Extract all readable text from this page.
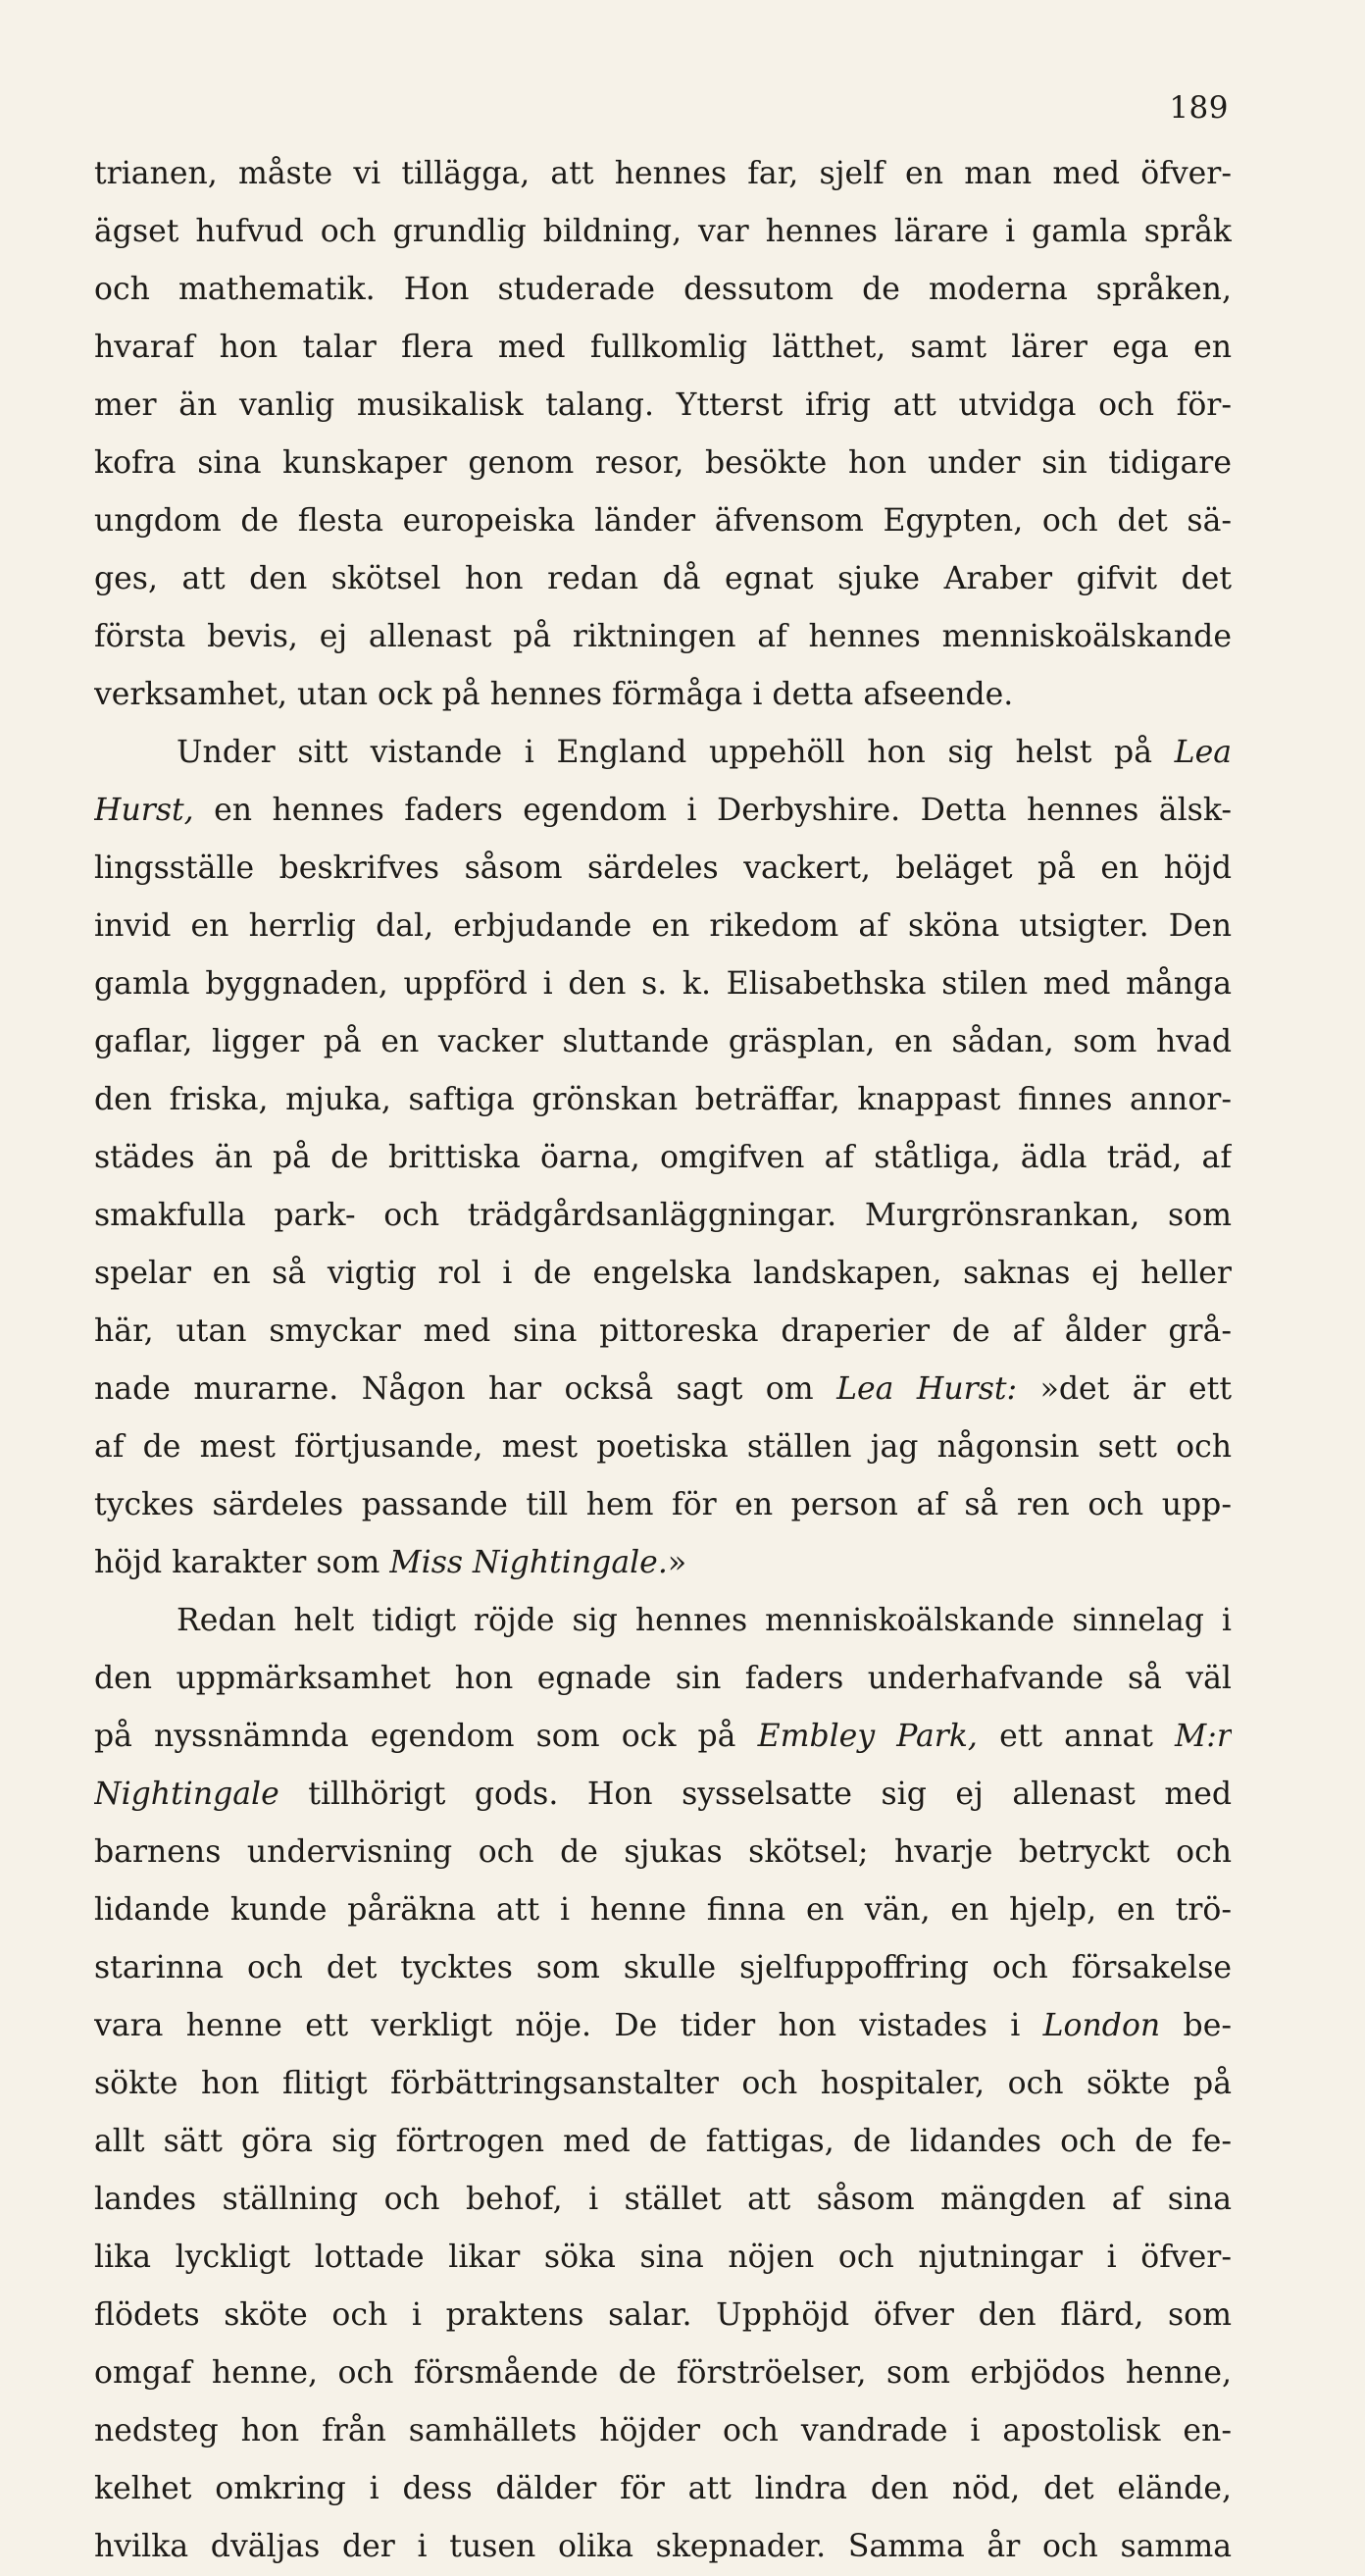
189
trianen, måste vi tillägga, att hennes far, sjelf en man med öfver-
ägset hufvud och grundlig bildning, var hennes lärare i gamla språk
och mathematik. Hon studerade dessutom de moderna språken,
hvaraf hon talar flera med fullkomlig lätthet, samt lärer ega en
mer än vanlig musikalisk talang. Ytterst ifrig att utvidga och för-
kofra sina kunskaper genom resor, besökte hon under sin tidigare
ungdom de flesta europeiska länder äfvensom Egypten, och det sä-
ges, att den skötsel hon redan då egnat sjuke Araber gifvit det
första bevis, ej allenast på riktningen af hennes menniskoälskande
verksamhet, utan ock på hennes förmåga i detta afseende.
Under sitt vistande i England uppehöll hon sig helst på Lea
Hurst, en hennes faders egendom i Derbyshire. Detta hennes älsk-
lingsställe beskrifves såsom särdeles vackert, beläget på en höjd
invid en herrlig dal, erbjudande en rikedom af sköna utsigter. Den
gamla byggnaden, uppförd i den s. k. Elisabethska stilen med många
gaflar, ligger på en vacker sluttande gräsplan, en sådan, som hvad
den friska, mjuka, saftiga grönskan beträffar, knappast finnes annor-
städes än på de brittiska öarna, omgifven af ståtliga, ädla träd, af
smakfulla park- och trädgårdsanläggningar. Murgrönsrankan, som
spelar en så vigtig rol i de engelska landskapen, saknas ej heller
här, utan smyckar med sina pittoreska draperier de af ålder grå-
nade murarne. Någon har också sagt om Lea Hurst: »det är ett
af de mest förtjusande, mest poetiska ställen jag någonsin sett och
tyckes särdeles passande till hem för en person af så ren och upp-
höjd karakter som Miss Nightingale.»
Redan helt tidigt röjde sig hennes menniskoälskande sinnelag i
den uppmärksamhet hon egnade sin faders underhafvande så väl
på nyssnämnda egendom som ock på Embley Park, ett annat M:r
Nightingale tillhörigt gods. Hon sysselsatte sig ej allenast med
barnens undervisning och de sjukas skötsel; hvarje betryckt och
lidande kunde påräkna att i henne finna en vän, en hjelp, en trö-
starinna och det tycktes som skulle sjelfuppoffring och försakelse
vara henne ett verkligt nöje. De tider hon vistades i London be-
sökte hon flitigt förbättringsanstalter och hospitaler, och sökte på
allt sätt göra sig förtrogen med de fattigas, de lidandes och de fe-
landes ställning och behof, i stället att såsom mängden af sina
lika lyckligt lottade likar söka sina nöjen och njutningar i öfver-
flödets sköte och i praktens salar. Upphöjd öfver den flärd, som
omgaf henne, och försmående de förströelser, som erbjödos henne,
nedsteg hon från samhällets höjder och vandrade i apostolisk en-
kelhet omkring i dess dälder för att lindra den nöd, det elände,
hvilka dväljas der i tusen olika skepnader. Samma år och samma
